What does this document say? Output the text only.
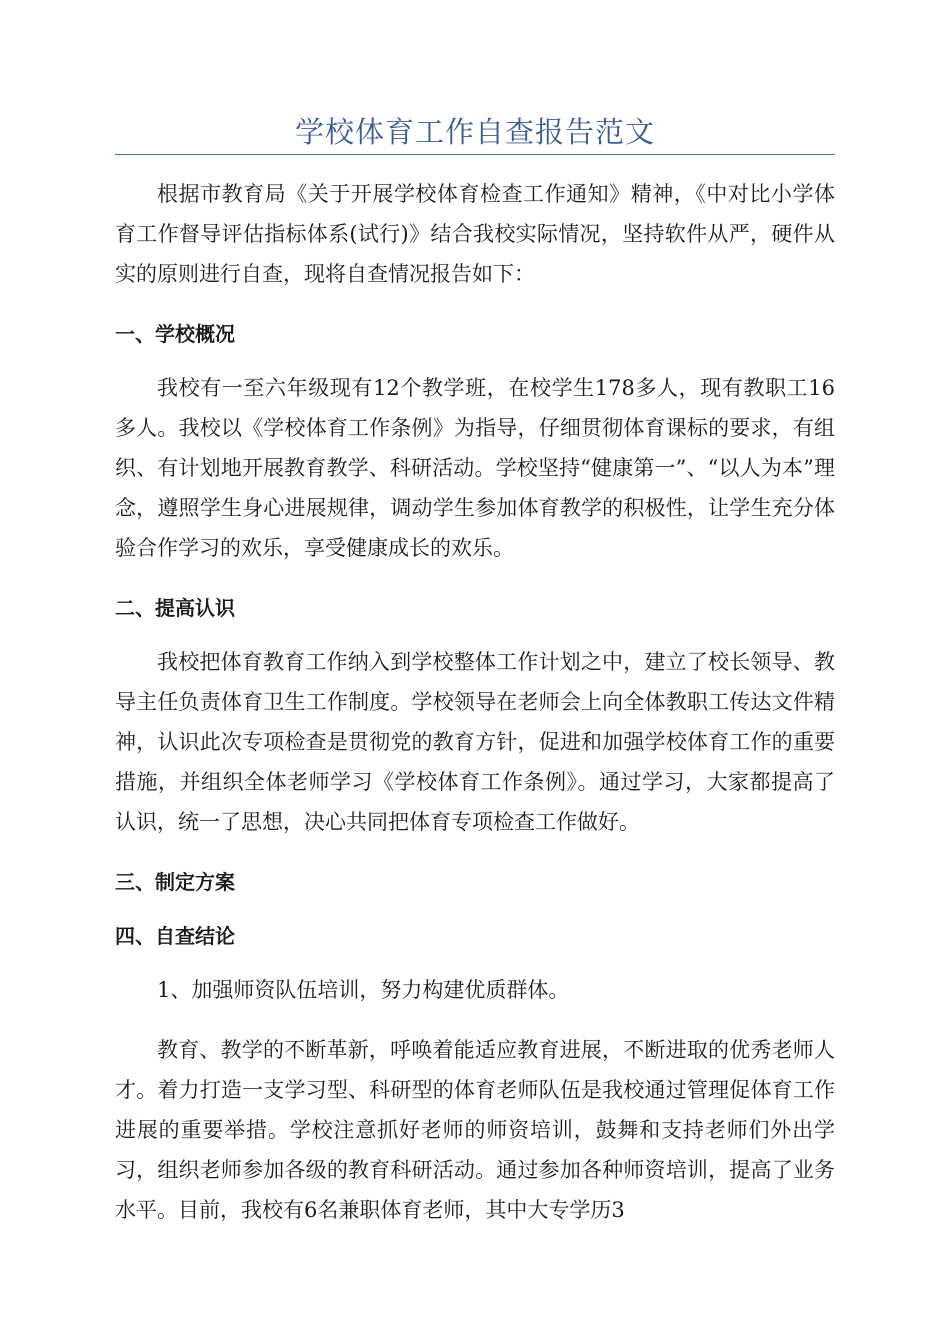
学校体育工作自查报告范文

根据市教育局《关于开展学校体育检查工作通知》精神，《中对比小学体育工作督导评估指标体系(试行)》结合我校实际情况，坚持软件从严，硬件从实的原则进行自查，现将自查情况报告如下：

一、学校概况

我校有一至六年级现有12个教学班，在校学生178多人，现有教职工16多人。我校以《学校体育工作条例》为指导，仔细贯彻体育课标的要求，有组织、有计划地开展教育教学、科研活动。学校坚持“健康第一”、“以人为本”理念，遵照学生身心进展规律，调动学生参加体育教学的积极性，让学生充分体验合作学习的欢乐，享受健康成长的欢乐。

二、提高认识

我校把体育教育工作纳入到学校整体工作计划之中，建立了校长领导、教导主任负责体育卫生工作制度。学校领导在老师会上向全体教职工传达文件精神，认识此次专项检查是贯彻党的教育方针，促进和加强学校体育工作的重要措施，并组织全体老师学习《学校体育工作条例》。通过学习，大家都提高了认识，统一了思想，决心共同把体育专项检查工作做好。

三、制定方案
四、自查结论

1、加强师资队伍培训，努力构建优质群体。

教育、教学的不断革新，呼唤着能适应教育进展，不断进取的优秀老师人才。着力打造一支学习型、科研型的体育老师队伍是我校通过管理促体育工作进展的重要举措。学校注意抓好老师的师资培训，鼓舞和支持老师们外出学习，组织老师参加各级的教育科研活动。通过参加各种师资培训，提高了业务水平。目前，我校有6名兼职体育老师，其中大专学历3
